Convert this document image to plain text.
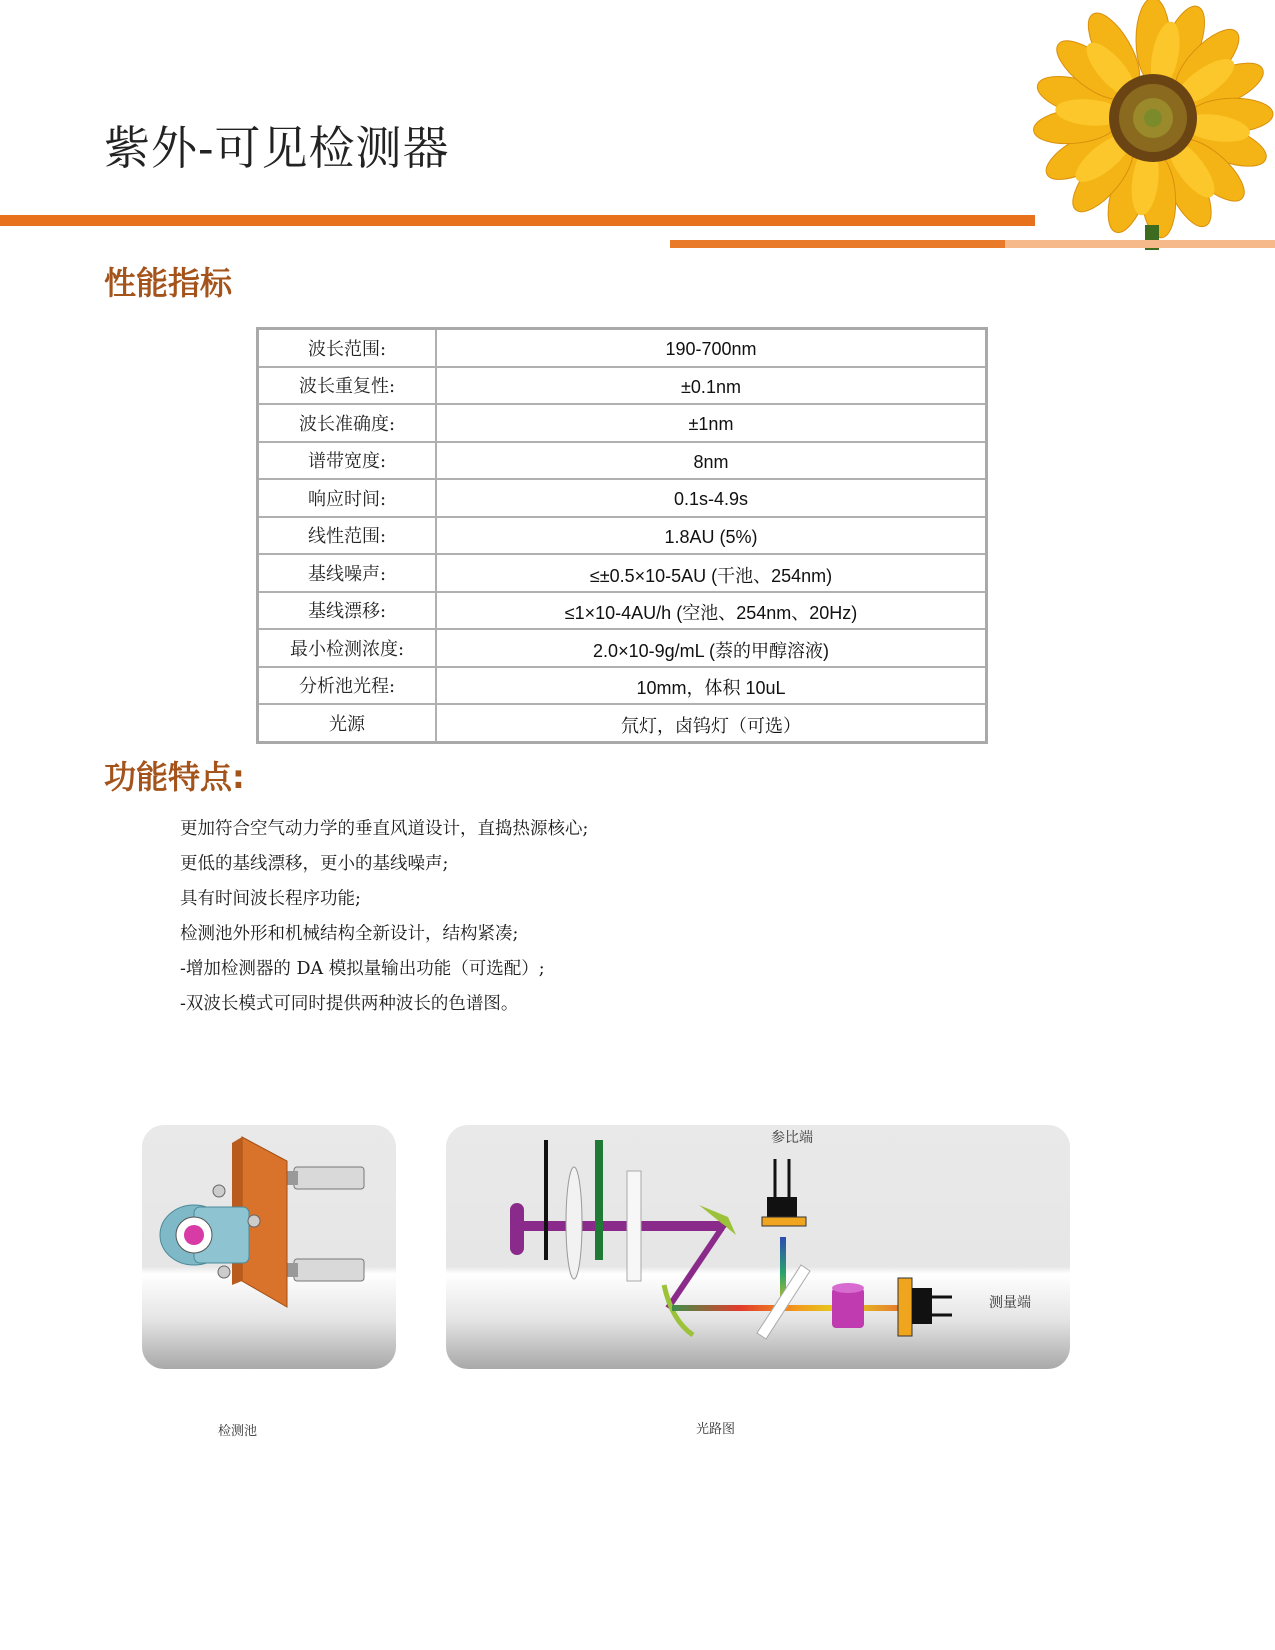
紫外-可见检测器
性能指标
波长范围:	190-700nm
波长重复性:	±0.1nm
波长准确度:	±1nm
谱带宽度:	8nm
响应时间:	0.1s-4.9s
线性范围:	1.8AU (5%)
基线噪声:	≤±0.5×10-5AU (干池、254nm)
基线漂移:	≤1×10-4AU/h (空池、254nm、20Hz)
最小检测浓度:	2.0×10-9g/mL (萘的甲醇溶液)
分析池光程:	10mm，体积 10uL
光源	氘灯，卤钨灯（可选）
功能特点:
更加符合空气动力学的垂直风道设计，直捣热源核心;
更低的基线漂移，更小的基线噪声;
具有时间波长程序功能;
检测池外形和机械结构全新设计，结构紧凑;
-增加检测器的 DA 模拟量输出功能（可选配）;
-双波长模式可同时提供两种波长的色谱图。
参比端
测量端
检测池	光路图
